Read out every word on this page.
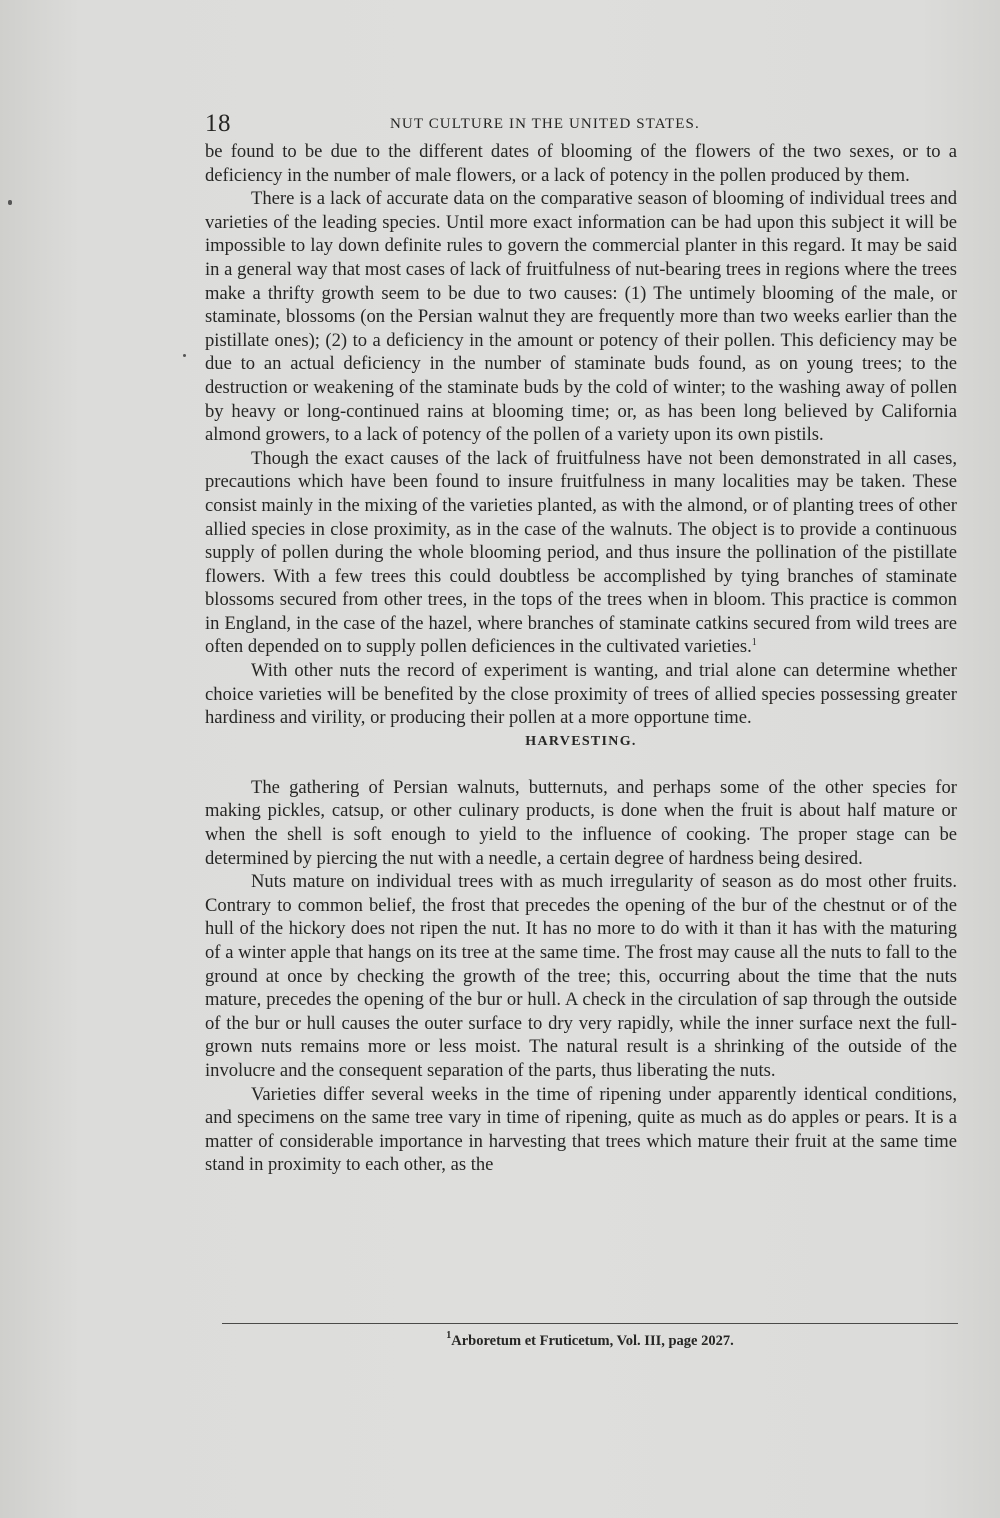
18	NUT CULTURE IN THE UNITED STATES.

be found to be due to the different dates of blooming of the flowers of the two sexes, or to a deficiency in the number of male flowers, or a lack of potency in the pollen produced by them.

There is a lack of accurate data on the comparative season of blooming of individual trees and varieties of the leading species. Until more exact information can be had upon this subject it will be impossible to lay down definite rules to govern the commercial planter in this regard. It may be said in a general way that most cases of lack of fruitfulness of nut-bearing trees in regions where the trees make a thrifty growth seem to be due to two causes: (1) The untimely blooming of the male, or staminate, blossoms (on the Persian walnut they are frequently more than two weeks earlier than the pistillate ones); (2) to a deficiency in the amount or potency of their pollen. This deficiency may be due to an actual deficiency in the number of staminate buds found, as on young trees; to the destruction or weakening of the staminate buds by the cold of winter; to the washing away of pollen by heavy or long-continued rains at blooming time; or, as has been long believed by California almond growers, to a lack of potency of the pollen of a variety upon its own pistils.

Though the exact causes of the lack of fruitfulness have not been demonstrated in all cases, precautions which have been found to insure fruitfulness in many localities may be taken. These consist mainly in the mixing of the varieties planted, as with the almond, or of planting trees of other allied species in close proximity, as in the case of the walnuts. The object is to provide a continuous supply of pollen during the whole blooming period, and thus insure the pollination of the pistillate flowers. With a few trees this could doubtless be accomplished by tying branches of staminate blossoms secured from other trees, in the tops of the trees when in bloom. This practice is common in England, in the case of the hazel, where branches of staminate catkins secured from wild trees are often depended on to supply pollen deficiences in the cultivated varieties.$^1$

With other nuts the record of experiment is wanting, and trial alone can determine whether choice varieties will be benefited by the close proximity of trees of allied species possessing greater hardiness and virility, or producing their pollen at a more opportune time.

HARVESTING.

The gathering of Persian walnuts, butternuts, and perhaps some of the other species for making pickles, catsup, or other culinary products, is done when the fruit is about half mature or when the shell is soft enough to yield to the influence of cooking. The proper stage can be determined by piercing the nut with a needle, a certain degree of hardness being desired.

Nuts mature on individual trees with as much irregularity of season as do most other fruits. Contrary to common belief, the frost that precedes the opening of the bur of the chestnut or of the hull of the hickory does not ripen the nut. It has no more to do with it than it has with the maturing of a winter apple that hangs on its tree at the same time. The frost may cause all the nuts to fall to the ground at once by checking the growth of the tree; this, occurring about the time that the nuts mature, precedes the opening of the bur or hull. A check in the circulation of sap through the outside of the bur or hull causes the outer surface to dry very rapidly, while the inner surface next the full-grown nuts remains more or less moist. The natural result is a shrinking of the outside of the involucre and the consequent separation of the parts, thus liberating the nuts.

Varieties differ several weeks in the time of ripening under apparently identical conditions, and specimens on the same tree vary in time of ripening, quite as much as do apples or pears. It is a matter of considerable importance in harvesting that trees which mature their fruit at the same time stand in proximity to each other, as the

$^1$Arboretum et Fruticetum, Vol. III, page 2027.
